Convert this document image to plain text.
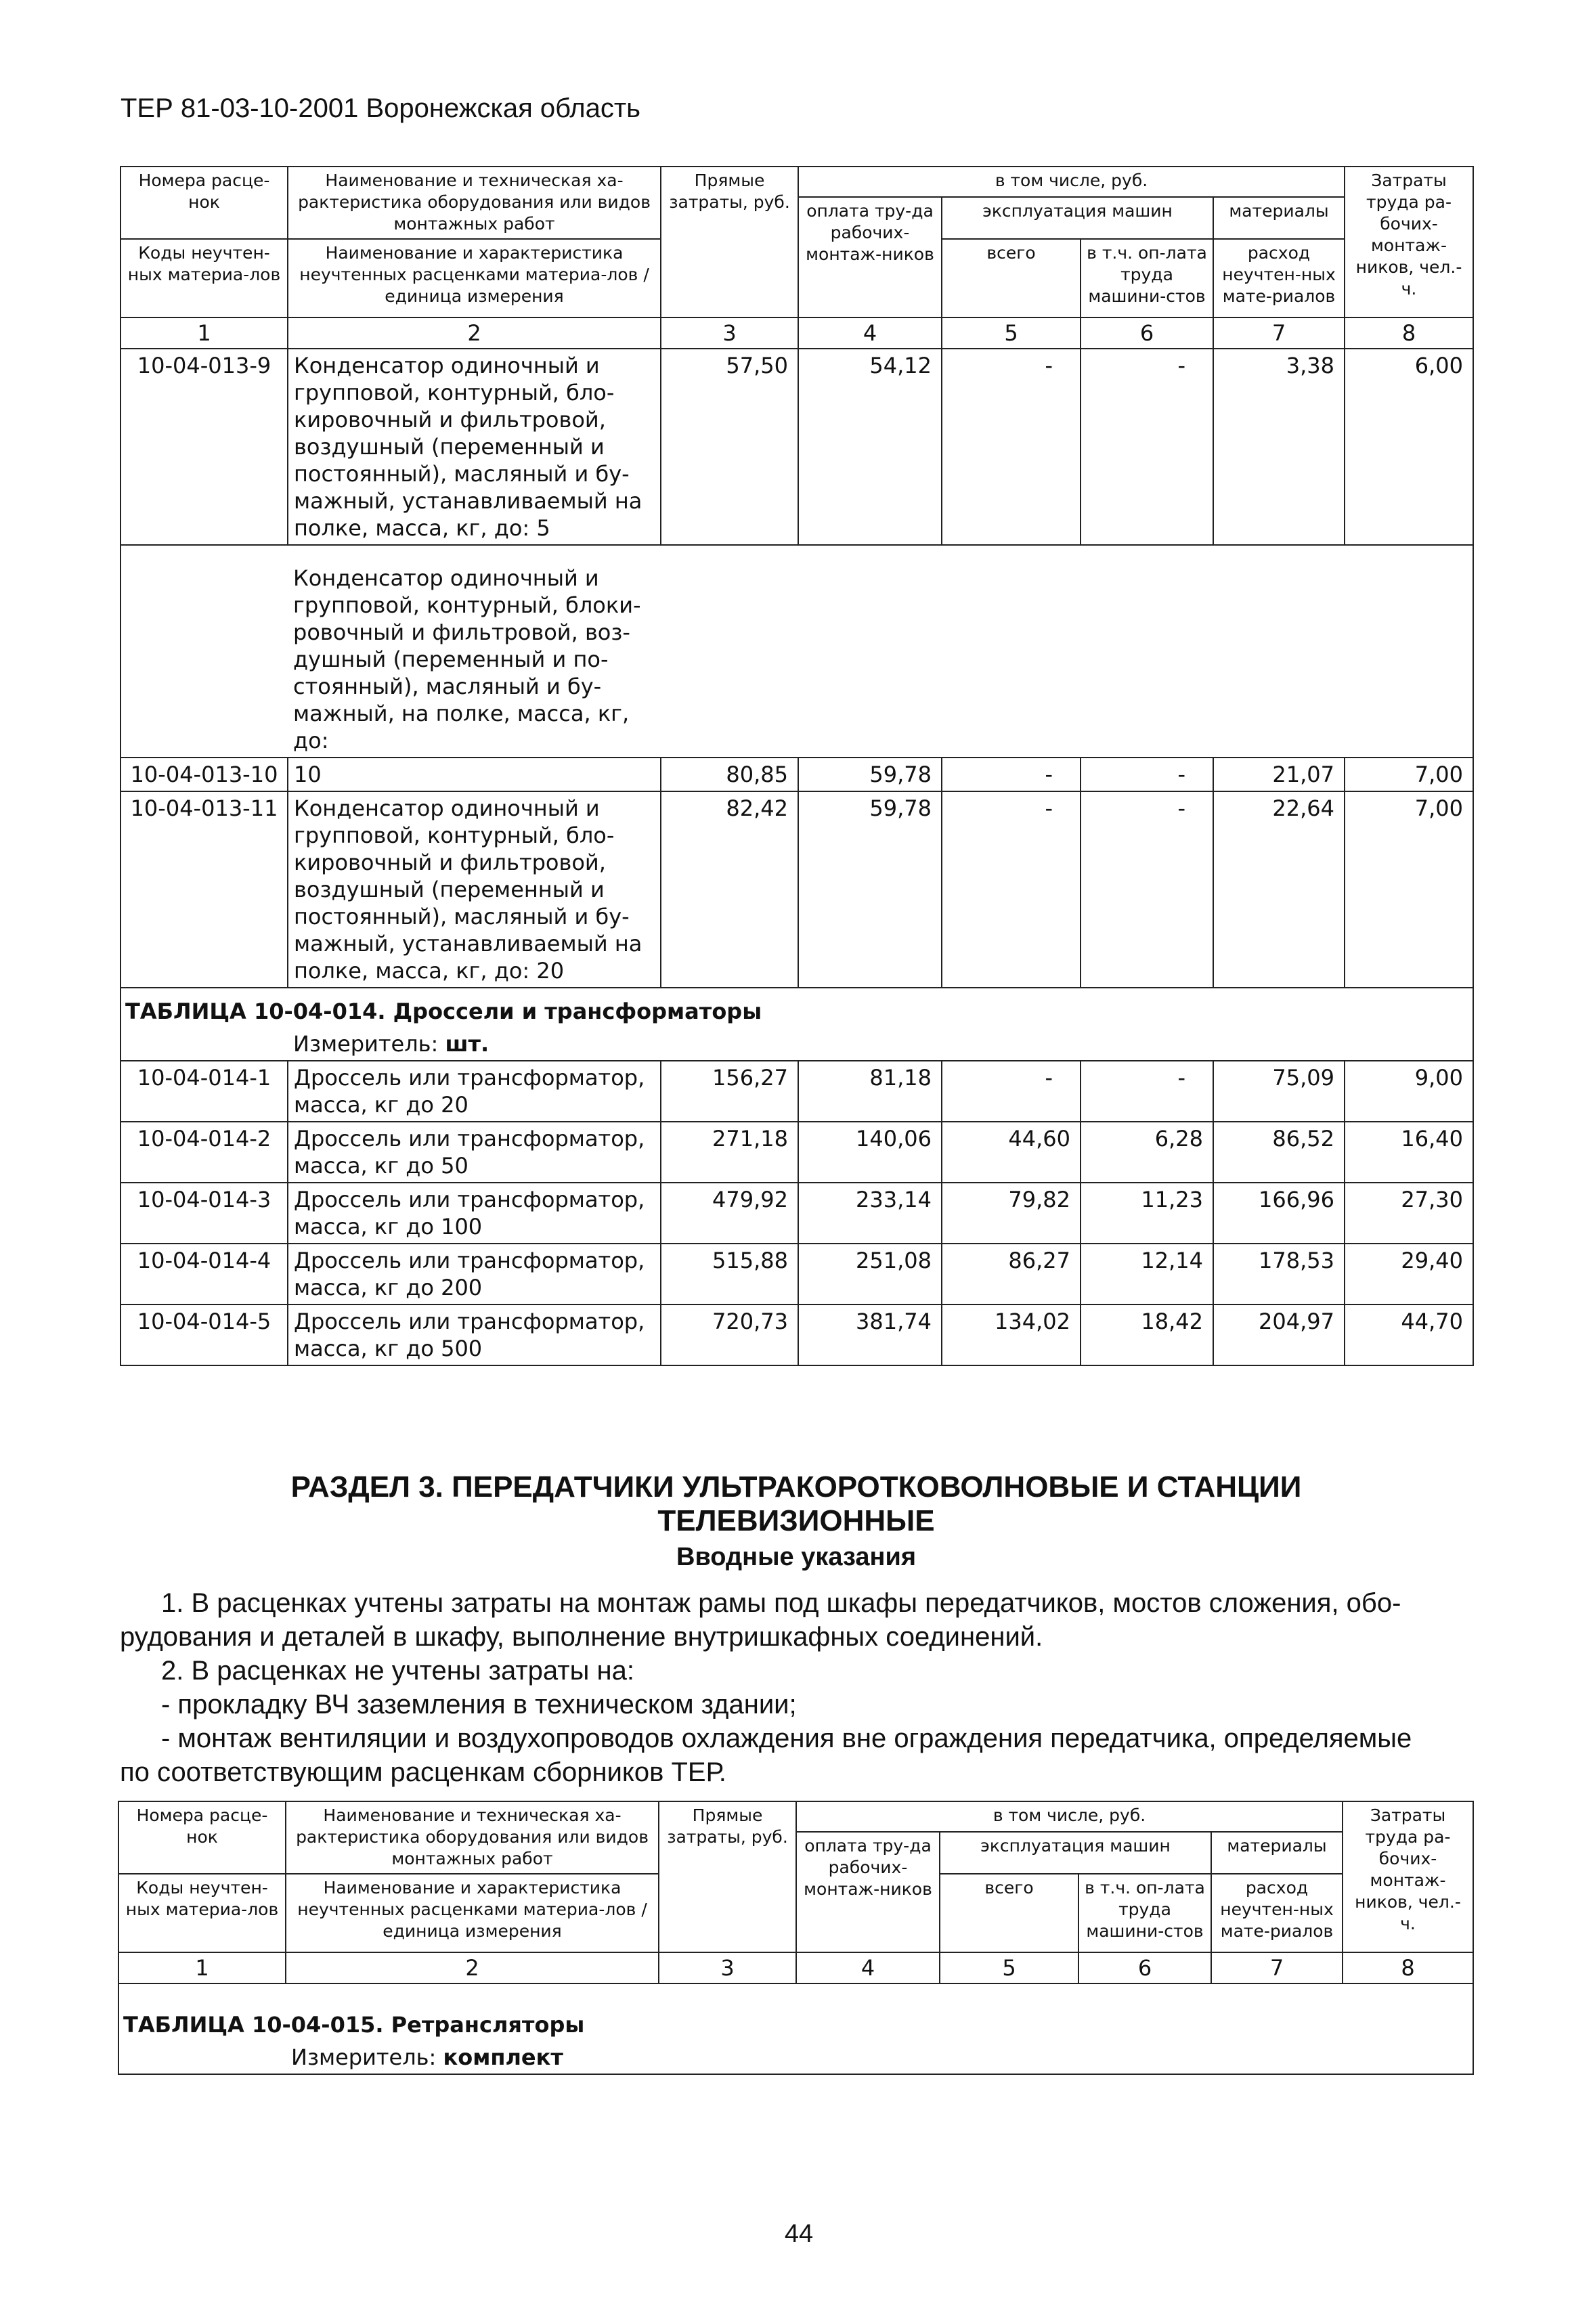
ТЕР 81-03-10-2001 Воронежская область
Номера расце-нок	Наименование и техническая ха-рактеристика оборудования или видов монтажных работ	Прямые затраты, руб.	в том числе, руб.				Затраты труда ра-бочих-монтаж-ников, чел.-ч.
			оплата тру-да рабочих-монтаж-ников	эксплуатация машин		материалы	
Коды неучтен-ных материа-лов	Наименование и характеристика неучтенных расценками материа-лов / единица измерения			всего	в т.ч. оп-лата труда машини-стов	расход неучтен-ных мате-риалов	

1	2	3	4	5	6	7	8
10-04-013-9	Конденсатор одиночный и групповой, контурный, бло-кировочный и фильтровой, воздушный (переменный и постоянный), масляный и бу-мажный, устанавливаемый на полке, масса, кг, до: 5	57,50	54,12	-	-	3,38	6,00
	Конденсатор одиночный и групповой, контурный, блоки-ровочный и фильтровой, воз-душный (переменный и по-стоянный), масляный и бу-мажный, на полке, масса, кг, до:						
10-04-013-10	10	80,85	59,78	-	-	21,07	7,00
10-04-013-11	Конденсатор одиночный и групповой, контурный, бло-кировочный и фильтровой, воздушный (переменный и постоянный), масляный и бу-мажный, устанавливаемый на полке, масса, кг, до: 20	82,42	59,78	-	-	22,64	7,00
ТАБЛИЦА 10-04-014. Дроссели и трансформаторы							
	Измеритель: шт.						
10-04-014-1	Дроссель или трансформатор, масса, кг до 20	156,27	81,18	-	-	75,09	9,00
10-04-014-2	Дроссель или трансформатор, масса, кг до 50	271,18	140,06	44,60	6,28	86,52	16,40
10-04-014-3	Дроссель или трансформатор, масса, кг до 100	479,92	233,14	79,82	11,23	166,96	27,30
10-04-014-4	Дроссель или трансформатор, масса, кг до 200	515,88	251,08	86,27	12,14	178,53	29,40
10-04-014-5	Дроссель или трансформатор, масса, кг до 500	720,73	381,74	134,02	18,42	204,97	44,70
РАЗДЕЛ 3. ПЕРЕДАТЧИКИ УЛЬТРАКОРОТКОВОЛНОВЫЕ И СТАНЦИИ
ТЕЛЕВИЗИОННЫЕ
Вводные указания
1. В расценках учтены затраты на монтаж рамы под шкафы передатчиков, мостов сложения, обо-
рудования и деталей в шкафу, выполнение внутришкафных соединений.
2. В расценках не учтены затраты на:
- прокладку ВЧ заземления в техническом здании;
- монтаж вентиляции и воздухопроводов охлаждения вне ограждения передатчика, определяемые
по соответствующим расценкам сборников ТЕР.
Номера расце-нок	Наименование и техническая ха-рактеристика оборудования или видов монтажных работ	Прямые затраты, руб.	в том числе, руб.				Затраты труда ра-бочих-монтаж-ников, чел.-ч.
			оплата тру-да рабочих-монтаж-ников	эксплуатация машин		материалы	
Коды неучтен-ных материа-лов	Наименование и характеристика неучтенных расценками материа-лов / единица измерения			всего	в т.ч. оп-лата труда машини-стов	расход неучтен-ных мате-риалов	

1	2	3	4	5	6	7	8
ТАБЛИЦА 10-04-015. Ретрансляторы							
	Измеритель: комплект						
44
